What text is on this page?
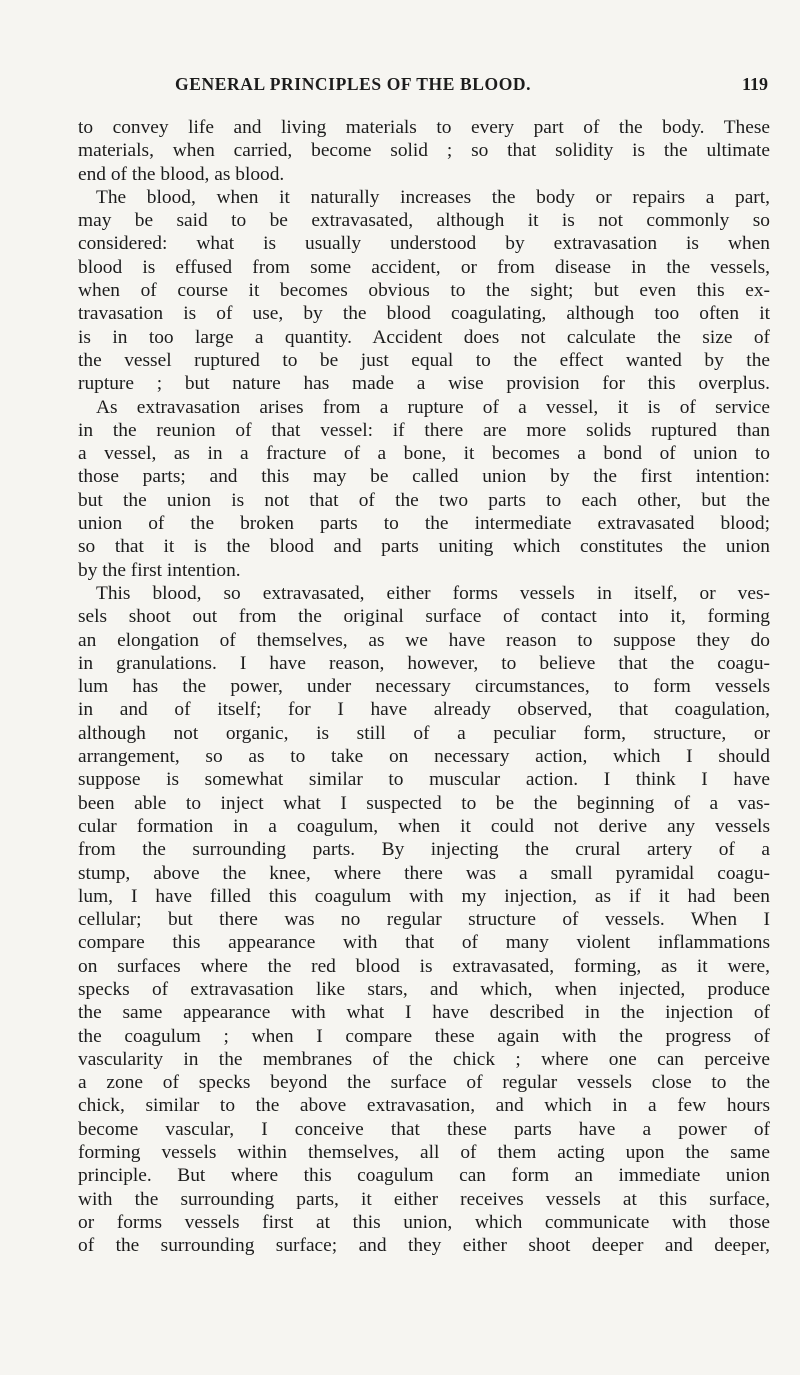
GENERAL PRINCIPLES OF THE BLOOD.	119
to convey life and living materials to every part of the body. These
materials, when carried, become solid ; so that solidity is the ultimate
end of the blood, as blood.
The blood, when it naturally increases the body or repairs a part,
may be said to be extravasated, although it is not commonly so
considered: what is usually understood by extravasation is when
blood is effused from some accident, or from disease in the vessels,
when of course it becomes obvious to the sight; but even this ex-
travasation is of use, by the blood coagulating, although too often it
is in too large a quantity. Accident does not calculate the size of
the vessel ruptured to be just equal to the effect wanted by the
rupture ; but nature has made a wise provision for this overplus.
As extravasation arises from a rupture of a vessel, it is of service
in the reunion of that vessel: if there are more solids ruptured than
a vessel, as in a fracture of a bone, it becomes a bond of union to
those parts; and this may be called union by the first intention:
but the union is not that of the two parts to each other, but the
union of the broken parts to the intermediate extravasated blood;
so that it is the blood and parts uniting which constitutes the union
by the first intention.
This blood, so extravasated, either forms vessels in itself, or ves-
sels shoot out from the original surface of contact into it, forming
an elongation of themselves, as we have reason to suppose they do
in granulations. I have reason, however, to believe that the coagu-
lum has the power, under necessary circumstances, to form vessels
in and of itself; for I have already observed, that coagulation,
although not organic, is still of a peculiar form, structure, or
arrangement, so as to take on necessary action, which I should
suppose is somewhat similar to muscular action. I think I have
been able to inject what I suspected to be the beginning of a vas-
cular formation in a coagulum, when it could not derive any vessels
from the surrounding parts. By injecting the crural artery of a
stump, above the knee, where there was a small pyramidal coagu-
lum, I have filled this coagulum with my injection, as if it had been
cellular; but there was no regular structure of vessels. When I
compare this appearance with that of many violent inflammations
on surfaces where the red blood is extravasated, forming, as it were,
specks of extravasation like stars, and which, when injected, produce
the same appearance with what I have described in the injection of
the coagulum ; when I compare these again with the progress of
vascularity in the membranes of the chick ; where one can perceive
a zone of specks beyond the surface of regular vessels close to the
chick, similar to the above extravasation, and which in a few hours
become vascular, I conceive that these parts have a power of
forming vessels within themselves, all of them acting upon the same
principle. But where this coagulum can form an immediate union
with the surrounding parts, it either receives vessels at this surface,
or forms vessels first at this union, which communicate with those
of the surrounding surface; and they either shoot deeper and deeper,
